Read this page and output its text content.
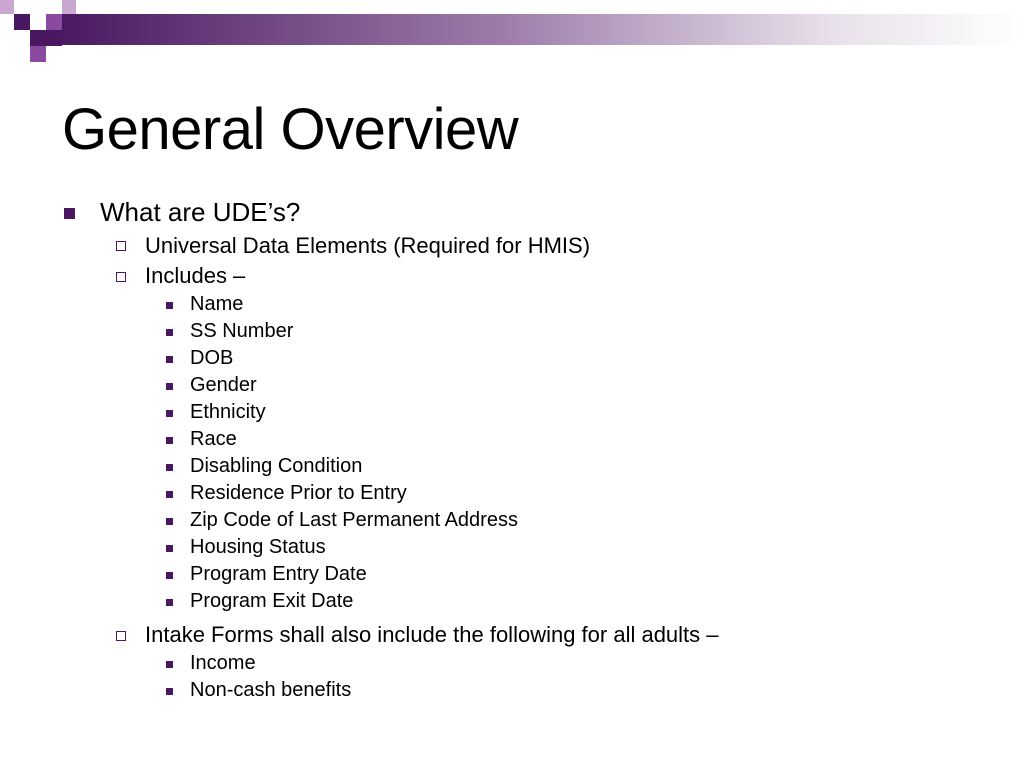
General Overview
What are UDE’s?
Universal Data Elements (Required for HMIS)
Includes –
Name
SS Number
DOB
Gender
Ethnicity
Race
Disabling Condition
Residence Prior to Entry
Zip Code of Last Permanent Address
Housing Status
Program Entry Date
Program Exit Date
Intake Forms shall also include the following for all adults –
Income
Non-cash benefits
